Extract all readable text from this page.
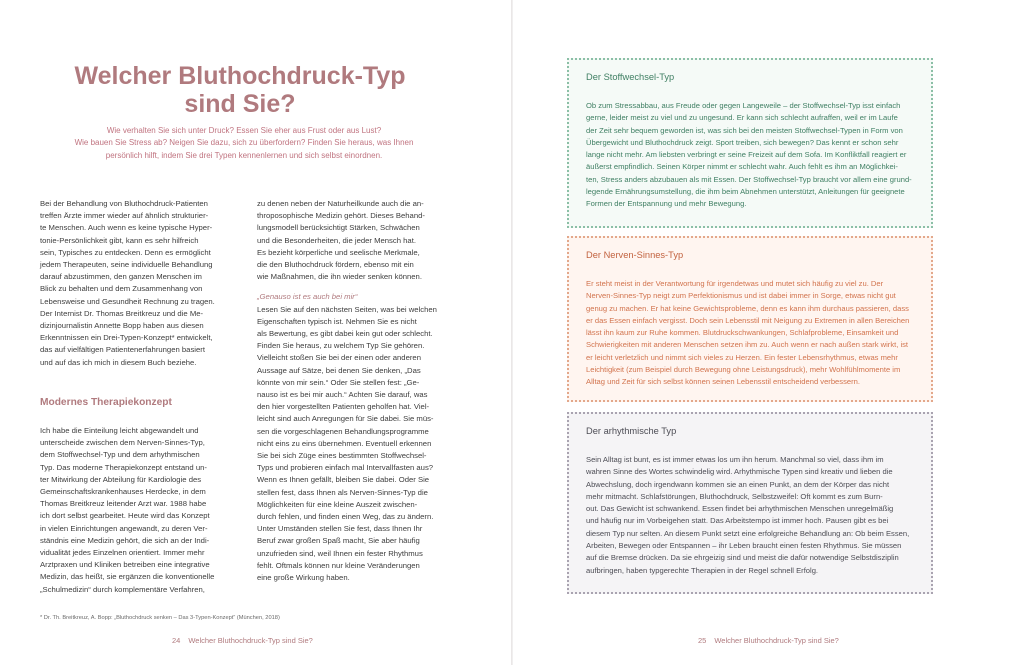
Welcher Bluthochdruck-Typ
sind Sie?

Wie verhalten Sie sich unter Druck? Essen Sie eher aus Frust oder aus Lust?
Wie bauen Sie Stress ab? Neigen Sie dazu, sich zu überfordern? Finden Sie heraus, was Ihnen
persönlich hilft, indem Sie drei Typen kennenlernen und sich selbst einordnen.

Bei der Behandlung von Bluthochdruck-Patienten
treffen Ärzte immer wieder auf ähnlich strukturier-
te Menschen. Auch wenn es keine typische Hyper-
tonie-Persönlichkeit gibt, kann es sehr hilfreich
sein, Typisches zu entdecken. Denn es ermöglicht
jedem Therapeuten, seine individuelle Behandlung
darauf abzustimmen, den ganzen Menschen im
Blick zu behalten und dem Zusammenhang von
Lebensweise und Gesundheit Rechnung zu tragen.
Der Internist Dr. Thomas Breitkreuz und die Me-
dizinjournalistin Annette Bopp haben aus diesen
Erkenntnissen ein Drei-Typen-Konzept* entwickelt,
das auf vielfältigen Patientenerfahrungen basiert
und auf das ich mich in diesem Buch beziehe.

Modernes Therapiekonzept

Ich habe die Einteilung leicht abgewandelt und
unterscheide zwischen dem Nerven-Sinnes-Typ,
dem Stoffwechsel-Typ und dem arhythmischen
Typ. Das moderne Therapiekonzept entstand un-
ter Mitwirkung der Abteilung für Kardiologie des
Gemeinschaftskrankenhauses Herdecke, in dem
Thomas Breitkreuz leitender Arzt war. 1988 habe
ich dort selbst gearbeitet. Heute wird das Konzept
in vielen Einrichtungen angewandt, zu deren Ver-
ständnis eine Medizin gehört, die sich an der Indi-
vidualität jedes Einzelnen orientiert. Immer mehr
Arztpraxen und Kliniken betreiben eine integrative
Medizin, das heißt, sie ergänzen die konventionelle
„Schulmedizin“ durch komplementäre Verfahren,

zu denen neben der Naturheilkunde auch die an-
throposophische Medizin gehört. Dieses Behand-
lungsmodell berücksichtigt Stärken, Schwächen
und die Besonderheiten, die jeder Mensch hat.
Es bezieht körperliche und seelische Merkmale,
die den Bluthochdruck fördern, ebenso mit ein
wie Maßnahmen, die ihn wieder senken können.

„Genauso ist es auch bei mir“

Lesen Sie auf den nächsten Seiten, was bei welchen
Eigenschaften typisch ist. Nehmen Sie es nicht
als Bewertung, es gibt dabei kein gut oder schlecht.
Finden Sie heraus, zu welchem Typ Sie gehören.
Vielleicht stoßen Sie bei der einen oder anderen
Aussage auf Sätze, bei denen Sie denken, „Das
könnte von mir sein.“ Oder Sie stellen fest: „Ge-
nauso ist es bei mir auch.“ Achten Sie darauf, was
den hier vorgestellten Patienten geholfen hat. Viel-
leicht sind auch Anregungen für Sie dabei. Sie müs-
sen die vorgeschlagenen Behandlungsprogramme
nicht eins zu eins übernehmen. Eventuell erkennen
Sie bei sich Züge eines bestimmten Stoffwechsel-
Typs und probieren einfach mal Intervallfasten aus?
Wenn es Ihnen gefällt, bleiben Sie dabei. Oder Sie
stellen fest, dass Ihnen als Nerven-Sinnes-Typ die
Möglichkeiten für eine kleine Auszeit zwischen-
durch fehlen, und finden einen Weg, das zu ändern.
Unter Umständen stellen Sie fest, dass Ihnen Ihr
Beruf zwar großen Spaß macht, Sie aber häufig
unzufrieden sind, weil Ihnen ein fester Rhythmus
fehlt. Oftmals können nur kleine Veränderungen
eine große Wirkung haben.

* Dr. Th. Breitkreuz, A. Bopp: „Bluthochdruck senken – Das 3-Typen-Konzept“ (München, 2018)

24 Welcher Bluthochdruck-Typ sind Sie?

Der Stoffwechsel-Typ
Ob zum Stressabbau, aus Freude oder gegen Langeweile – der Stoffwechsel-Typ isst einfach
gerne, leider meist zu viel und zu ungesund. Er kann sich schlecht aufraffen, weil er im Laufe
der Zeit sehr bequem geworden ist, was sich bei den meisten Stoffwechsel-Typen in Form von
Übergewicht und Bluthochdruck zeigt. Sport treiben, sich bewegen? Das kennt er schon sehr
lange nicht mehr. Am liebsten verbringt er seine Freizeit auf dem Sofa. Im Konfliktfall reagiert er
äußerst empfindlich. Seinen Körper nimmt er schlecht wahr. Auch fehlt es ihm an Möglichkei-
ten, Stress anders abzubauen als mit Essen. Der Stoffwechsel-Typ braucht vor allem eine grund-
legende Ernährungsumstellung, die ihm beim Abnehmen unterstützt, Anleitungen für geeignete
Formen der Entspannung und mehr Bewegung.
Der Nerven-Sinnes-Typ
Er steht meist in der Verantwortung für irgendetwas und mutet sich häufig zu viel zu. Der
Nerven-Sinnes-Typ neigt zum Perfektionismus und ist dabei immer in Sorge, etwas nicht gut
genug zu machen. Er hat keine Gewichtsprobleme, denn es kann ihm durchaus passieren, dass
er das Essen einfach vergisst. Doch sein Lebensstil mit Neigung zu Extremen in allen Bereichen
lässt ihn kaum zur Ruhe kommen. Blutdruckschwankungen, Schlafprobleme, Einsamkeit und
Schwierigkeiten mit anderen Menschen setzen ihm zu. Auch wenn er nach außen stark wirkt, ist
er leicht verletzlich und nimmt sich vieles zu Herzen. Ein fester Lebensrhythmus, etwas mehr
Leichtigkeit (zum Beispiel durch Bewegung ohne Leistungsdruck), mehr Wohlfühlmomente im
Alltag und Zeit für sich selbst können seinen Lebensstil entscheidend verbessern.
Der arhythmische Typ
Sein Alltag ist bunt, es ist immer etwas los um ihn herum. Manchmal so viel, dass ihm im
wahren Sinne des Wortes schwindelig wird. Arhythmische Typen sind kreativ und lieben die
Abwechslung, doch irgendwann kommen sie an einen Punkt, an dem der Körper das nicht
mehr mitmacht. Schlafstörungen, Bluthochdruck, Selbstzweifel: Oft kommt es zum Burn-
out. Das Gewicht ist schwankend. Essen findet bei arhythmischen Menschen unregelmäßig
und häufig nur im Vorbeigehen statt. Das Arbeitstempo ist immer hoch. Pausen gibt es bei
diesem Typ nur selten. An diesem Punkt setzt eine erfolgreiche Behandlung an: Ob beim Essen,
Arbeiten, Bewegen oder Entspannen – ihr Leben braucht einen festen Rhythmus. Sie müssen
auf die Bremse drücken. Da sie ehrgeizig sind und meist die dafür notwendige Selbstdisziplin
aufbringen, haben typgerechte Therapien in der Regel schnell Erfolg.

25 Welcher Bluthochdruck-Typ sind Sie?
